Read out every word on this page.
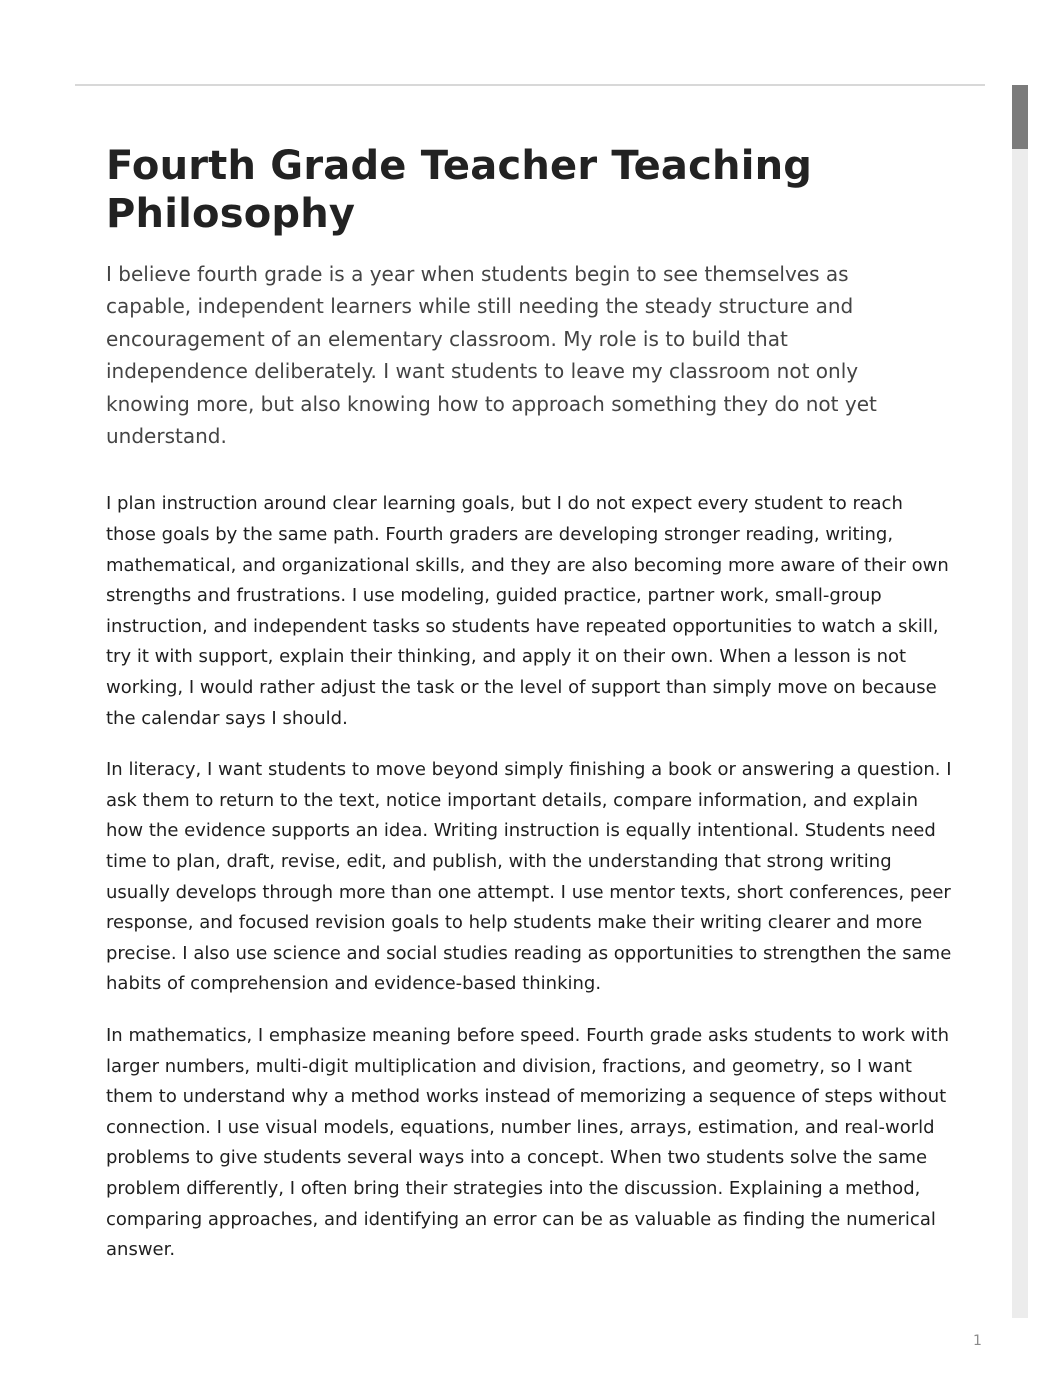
Fourth Grade Teacher Teaching Philosophy

I believe fourth grade is a year when students begin to see themselves as capable, independent learners while still needing the steady structure and encouragement of an elementary classroom. My role is to build that independence deliberately. I want students to leave my classroom not only knowing more, but also knowing how to approach something they do not yet understand.

I plan instruction around clear learning goals, but I do not expect every student to reach those goals by the same path. Fourth graders are developing stronger reading, writing, mathematical, and organizational skills, and they are also becoming more aware of their own strengths and frustrations. I use modeling, guided practice, partner work, small-group instruction, and independent tasks so students have repeated opportunities to watch a skill, try it with support, explain their thinking, and apply it on their own. When a lesson is not working, I would rather adjust the task or the level of support than simply move on because the calendar says I should.

In literacy, I want students to move beyond simply finishing a book or answering a question. I ask them to return to the text, notice important details, compare information, and explain how the evidence supports an idea. Writing instruction is equally intentional. Students need time to plan, draft, revise, edit, and publish, with the understanding that strong writing usually develops through more than one attempt. I use mentor texts, short conferences, peer response, and focused revision goals to help students make their writing clearer and more precise. I also use science and social studies reading as opportunities to strengthen the same habits of comprehension and evidence-based thinking.

In mathematics, I emphasize meaning before speed. Fourth grade asks students to work with larger numbers, multi-digit multiplication and division, fractions, and geometry, so I want them to understand why a method works instead of memorizing a sequence of steps without connection. I use visual models, equations, number lines, arrays, estimation, and real-world problems to give students several ways into a concept. When two students solve the same problem differently, I often bring their strategies into the discussion. Explaining a method, comparing approaches, and identifying an error can be as valuable as finding the numerical answer.

1
